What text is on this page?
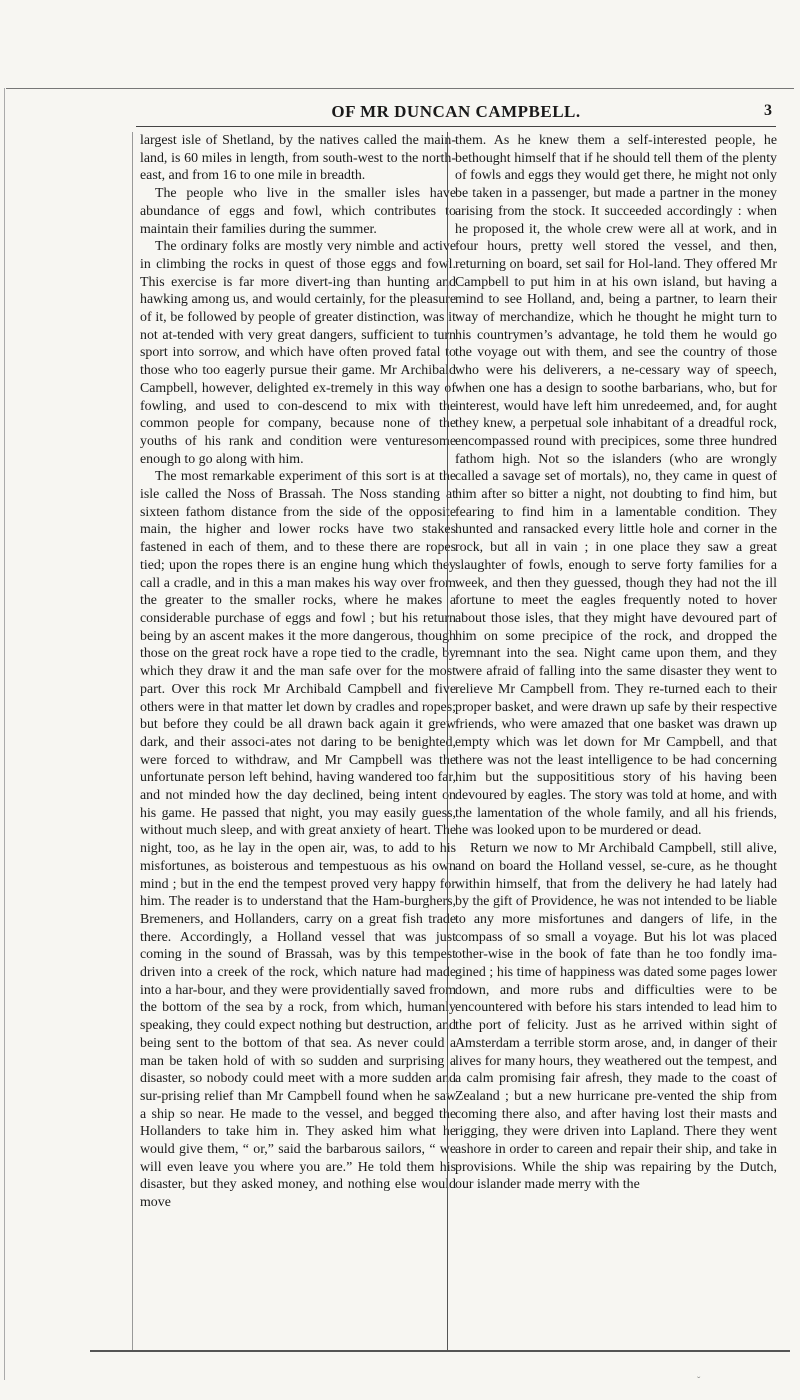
OF MR DUNCAN CAMPBELL.	3

largest isle of Shetland, by the natives called the main-land, is 60 miles in length, from south-west to the north-east, and from 16 to one mile in breadth.

The people who live in the smaller isles have abundance of eggs and fowl, which contributes to maintain their families during the summer.

The ordinary folks are mostly very nimble and active in climbing the rocks in quest of those eggs and fowl. This exercise is far more divert-ing than hunting and hawking among us, and would certainly, for the pleasure of it, be followed by people of greater distinction, was it not at-tended with very great dangers, sufficient to turn sport into sorrow, and which have often proved fatal to those who too eagerly pursue their game. Mr Archibald Campbell, however, delighted ex-tremely in this way of fowling, and used to con-descend to mix with the common people for company, because none of the youths of his rank and condition were venturesome enough to go along with him.

The most remarkable experiment of this sort is at the isle called the Noss of Brassah. The Noss standing at sixteen fathom distance from the side of the opposite main, the higher and lower rocks have two stakes fastened in each of them, and to these there are ropes tied; upon the ropes there is an engine hung which they call a cradle, and in this a man makes his way over from the greater to the smaller rocks, where he makes a considerable purchase of eggs and fowl ; but his return being by an ascent makes it the more dangerous, though those on the great rock have a rope tied to the cradle, by which they draw it and the man safe over for the most part. Over this rock Mr Archibald Campbell and five others were in that matter let down by cradles and ropes; but before they could be all drawn back again it grew dark, and their associ-ates not daring to be benighted, were forced to withdraw, and Mr Campbell was the unfortunate person left behind, having wandered too far, and not minded how the day declined, being intent on his game. He passed that night, you may easily guess, without much sleep, and with great anxiety of heart. The night, too, as he lay in the open air, was, to add to his misfortunes, as boisterous and tempestuous as his own mind ; but in the end the tempest proved very happy for him. The reader is to understand that the Ham-burghers, Bremeners, and Hollanders, carry on a great fish trade there. Accordingly, a Holland vessel that was just coming in the sound of Brassah, was by this tempest driven into a creek of the rock, which nature had made into a har-bour, and they were providentially saved from the bottom of the sea by a rock, from which, humanly speaking, they could expect nothing but destruction, and being sent to the bottom of that sea. As never could a man be taken hold of with so sudden and surprising a disaster, so nobody could meet with a more sudden and sur-prising relief than Mr Campbell found when he saw a ship so near. He made to the vessel, and begged the Hollanders to take him in. They asked him what he would give them, “ or,” said the barbarous sailors, “ we will even leave you where you are.” He told them his disaster, but they asked money, and nothing else would move

them. As he knew them a self-interested people, he bethought himself that if he should tell them of the plenty of fowls and eggs they would get there, he might not only be taken in a passenger, but made a partner in the money arising from the stock. It succeeded accordingly : when he proposed it, the whole crew were all at work, and in four hours, pretty well stored the vessel, and then, returning on board, set sail for Hol-land. They offered Mr Campbell to put him in at his own island, but having a mind to see Holland, and, being a partner, to learn their way of merchandize, which he thought he might turn to his countrymen’s advantage, he told them he would go the voyage out with them, and see the country of those who were his deliverers, a ne-cessary way of speech, when one has a design to soothe barbarians, who, but for interest, would have left him unredeemed, and, for aught they knew, a perpetual sole inhabitant of a dreadful rock, encompassed round with precipices, some three hundred fathom high. Not so the islanders (who are wrongly called a savage set of mortals), no, they came in quest of him after so bitter a night, not doubting to find him, but fearing to find him in a lamentable condition. They hunted and ransacked every little hole and corner in the rock, but all in vain ; in one place they saw a great slaughter of fowls, enough to serve forty families for a week, and then they guessed, though they had not the ill fortune to meet the eagles frequently noted to hover about those isles, that they might have devoured part of him on some precipice of the rock, and dropped the remnant into the sea. Night came upon them, and they were afraid of falling into the same disaster they went to relieve Mr Campbell from. They re-turned each to their proper basket, and were drawn up safe by their respective friends, who were amazed that one basket was drawn up empty which was let down for Mr Campbell, and that there was not the least intelligence to be had concerning him but the supposititious story of his having been devoured by eagles. The story was told at home, and with the lamentation of the whole family, and all his friends, he was looked upon to be murdered or dead.

Return we now to Mr Archibald Campbell, still alive, and on board the Holland vessel, se-cure, as he thought within himself, that from the delivery he had lately had by the gift of Providence, he was not intended to be liable to any more misfortunes and dangers of life, in the compass of so small a voyage. But his lot was placed other-wise in the book of fate than he too fondly ima-gined ; his time of happiness was dated some pages lower down, and more rubs and difficulties were to be encountered with before his stars intended to lead him to the port of felicity. Just as he arrived within sight of Amsterdam a terrible storm arose, and, in danger of their lives for many hours, they weathered out the tempest, and a calm promising fair afresh, they made to the coast of Zealand ; but a new hurricane pre-vented the ship from coming there also, and after having lost their masts and rigging, they were driven into Lapland. There they went ashore in order to careen and repair their ship, and take in provisions. While the ship was repairing by the Dutch, our islander made merry with the

ˇ
